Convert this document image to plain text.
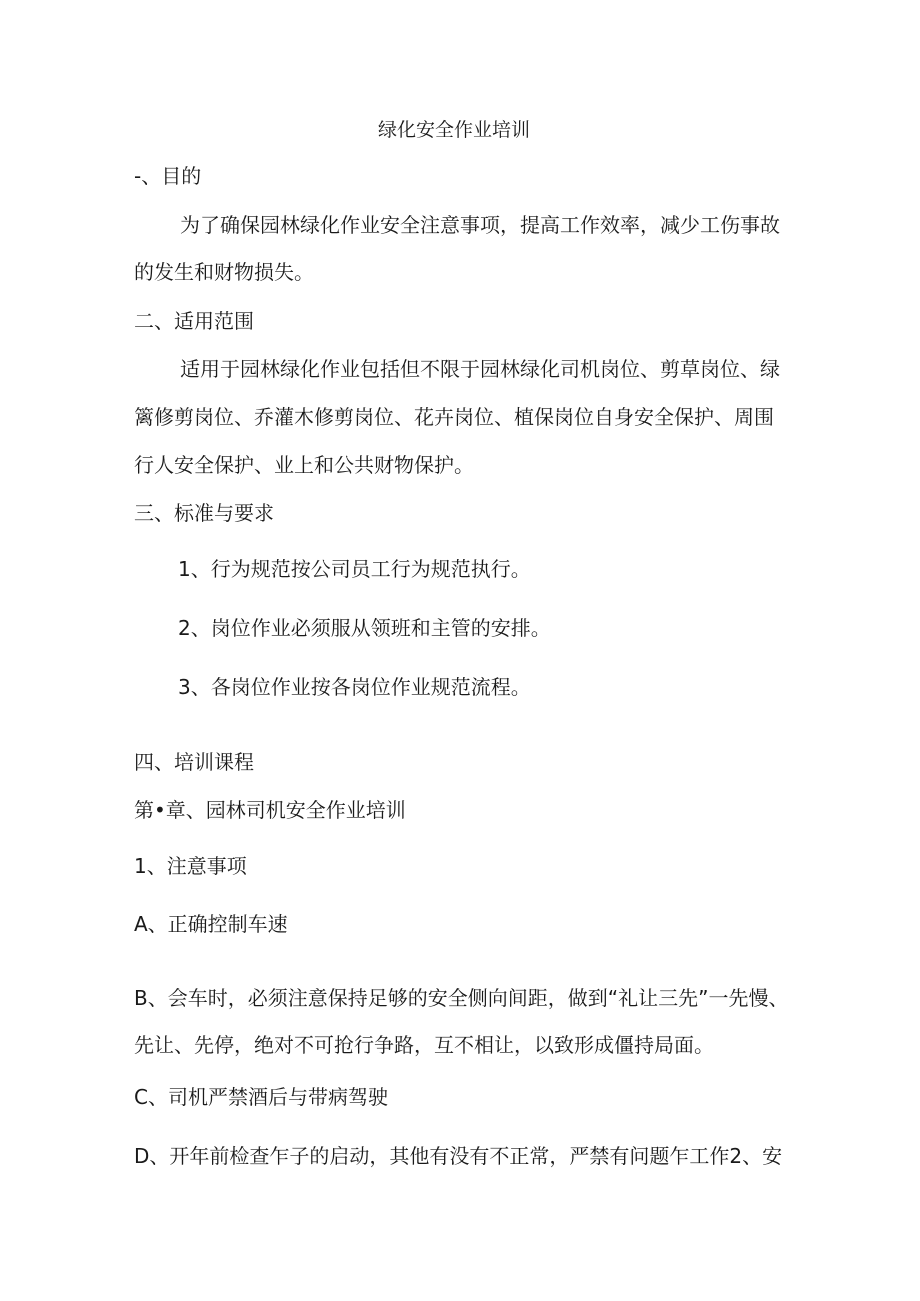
绿化安全作业培训
-、目的
为了确保园林绿化作业安全注意事项，提高工作效率，减少工伤事故
的发生和财物损失。
二、适用范围
适用于园林绿化作业包括但不限于园林绿化司机岗位、剪草岗位、绿
篱修剪岗位、乔灌木修剪岗位、花卉岗位、植保岗位自身安全保护、周围
行人安全保护、业上和公共财物保护。
三、标准与要求
1、行为规范按公司员工行为规范执行。
2、岗位作业必须服从领班和主管的安排。
3、各岗位作业按各岗位作业规范流程。
四、培训课程
第•章、园林司机安全作业培训
1、注意事项
A、正确控制车速
B、会车时，必须注意保持足够的安全侧向间距，做到“礼让三先”一先慢、
先让、先停，绝对不可抢行争路，互不相让，以致形成僵持局面。
C、司机严禁酒后与带病驾驶
D、开年前检查乍子的启动，其他有没有不正常，严禁有问题乍工作2、安
